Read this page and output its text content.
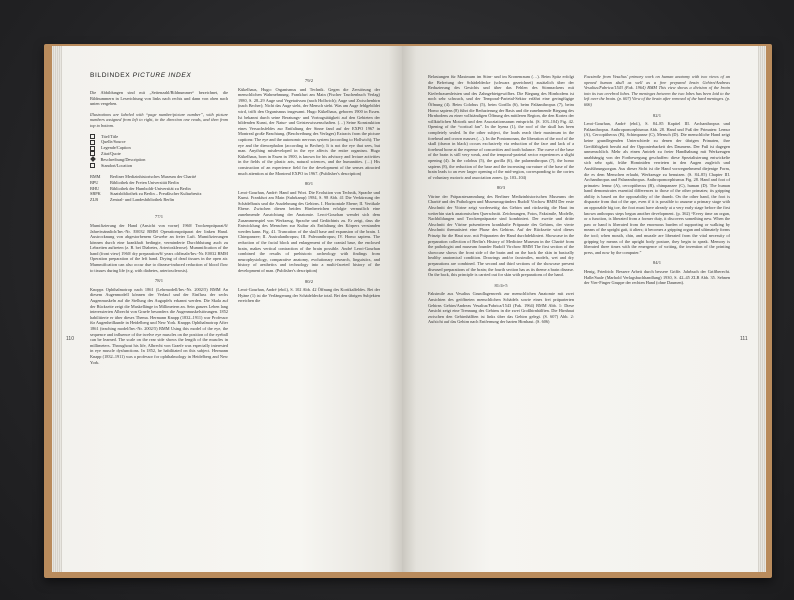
BILDINDEX PICTURE INDEX

Die Abbildungen sind mit „Seitenzahl/Bildnummer“ bezeichnet, die Bildnummern in Leserichtung von links nach rechts und dann von oben nach unten vergeben.

Illustrations are labeled with “page number/picture number”, with picture numbers assigned from left to right, in the direction one reads, and then from top to bottom.

Titel/Title
Quelle/Source
Legende/Caption
Zitat/Quote
Beschreibung/Description
Standort/Location
BMM	Berliner Medizinhistorisches Museum der Charité
BPU	Bibliothek der Freien Universität Berlin
BHU	Bibliothek der Humboldt-Universität zu Berlin
SBPK	Staatsbibliothek zu Berlin – Preußischer Kulturbesitz
ZLB	Zentral- und Landesbibliothek Berlin
77/1

Mumifizierung der Hand (Ansicht von vorne) 1960/ Trockenpräparat/6/ Jahre/männlich/Inv.-Nr. E0032 BMM Operationspräparat der linken Hand. Austrocknung von abgestorbenem Gewebe an freier Luft. Mumifizierungen können durch eine krankhaft bedingte, verminderte Durchblutung auch zu Lebzeiten auftreten (z. B. bei Diabetes, Arteriosklerose). Mummification of the hand (front view) 1960/ dry preparation/6/ years old/male/Inv.-Nr. E0032 BMM Operation preparation of the left hand. Drying of dead tissues in the open air. Mummification can also occur due to disease-induced reduction of blood flow to tissues during life (e.g. with diabetes, arteriosclerosis).

78/1

Knopps Ophthalmotrop nach 1861 (Lehrmodell/Inv.-Nr. 2002/5) BMM An diesem Augenmodell können der Verlauf und der Einfluss der sechs Augenmuskeln auf die Stellung des Augapfels erkannt werden. Die Skala auf der Rückseite zeigt die Muskellänge in Millimetern an. Sein ganzes Leben lang interessierten Albrecht von Graefe besonders die Augenmuskelstörungen. 1852 habilitierte er über dieses Thema. Hermann Knapp (1832–1911) war Professor für Augenheilkunde in Heidelberg und New York. Knapps Ophthalmotrop After 1861 (teaching model/Inv.-Nr. 2002/5) BMM Using this model of the eye, the sequence and influence of the twelve eye muscles on the position of the eyeball can be learned. The scale on the rear side shows the length of the muscles in millimeters. Throughout his life, Albrecht von Graefe was especially interested in eye muscle dysfunctions. In 1852, he habilitated on this subject. Hermann Knapp (1832–1911) was a professor for ophthalmology in Heidelberg and New York.

79/2

Kükelhaus, Hugo: Organismus und Technik. Gegen die Zerstörung der menschlichen Wahrnehmung. Frankfurt am Main (Fischer Taschenbuch Verlag) 1980, S. 28–29 Auge und Vegetativum (nach Hollwich); Auge und Zwischenhirn (nach Becher); Nicht das Auge sieht, der Mensch sieht. Was am Auge fehlgebildet wird, trifft den Organismus insgesamt. Hugo Kükelhaus, geboren 1900 in Essen. Ist bekannt durch seine Beratungs- und Vortragstätigkeit auf den Gebieten der bildenden Kunst, der Natur- und Geisteswissenschaften. (…) Seine Konstruktion eines Versuchsfeldes zur Entfaltung der Sinne fand auf der EXPO 1967 in Montreal große Beachtung. (Beschreibung des Verlages) Extracts from the picture captions: The eye and the autonomic nervous system (according to Hollwich); The eye and the diencephalon (according to Becher); It is not the eye that sees, but man. Anything misdeveloped in the eye affects the entire organism. Hugo Kükelhaus, born in Essen in 1900, is known for his advisory and lecture activities in the fields of the plastic arts, natural sciences, and the humanities. (…) His construction of an experience field for the development of the senses attracted much attention at the Montreal EXPO in 1967. (Publisher's description)

80/1

Leroi-Gourhan, André: Hand und Wort. Die Evolution von Technik, Sprache und Kunst. Frankfurt am Main (Suhrkamp) 1984, S. 98 Abb. 41 Die Verkürzung der Schädelbasis und die Ausdehnung des Gehirns. I. Horizontale Ebene; II. Vertikale Ebene. Zwischen diesen beiden Hirnbereichen erfolgte vermutlich eine zunehmende Ausrichtung der Anatomie. Leroi-Gourhan wendet sich dem Zusammenspiel von Werkzeug, Sprache und Gedächtnis zu. Er zeigt, dass die Entwicklung des Menschen zur Kultur als Entfaltung des Körpers verstanden werden kann. Fig. 41. Truncation of the skull base and expansion of the brain. I. Chimpanzee; II. Australanthropus; III. Paleoanthropus; IV. Homo sapiens. The reduction of the facial block and enlargement of the cranial base, the enclosed brain, makes vertical contraction of the brain possible. André Leroi-Gourhan combined the results of prehistoric archeology with findings from neurophysiology, comparative anatomy, evolutionary research, linguistics, and history of aesthetics and technology into a multi-faceted history of the development of man. (Publisher's description)

80/2

Leroi-Gourhan, André (ebd.), S. 102 Abb. 42 Öffnung des Kortikalfeldes. Bei der Hyäne (1) ist die Verlängerung der Schädeldecke total. Bei den übrigen Subjekten erreichen die

110

Belastungen für Maximum im Stirn- und im Kronenraum (…). Beim Spitz erfolgt die Befreiung der Schädeldecke (schwarz gezeichnet) zusätzlich über der Reduzierung des Gesichts und über das Fehlen des Stirnnackens mit Kieferbrauenleisten und des Zahngebietgewölbes. Die Biegung des Hirnbodens ist noch sehr schwach, und der Temporal-Parietal-Sektor erfährt eine geringfügige Öffnung (4). Beim Colobus (5), beim Gorilla (6), beim Paläanthropus (7), beim Homo sapiens (8) führt die Reduzierung der Basis und die zunehmende Biegung des Hirnbodens zu einer vollständigen Öffnung des mittleren Region, die den Kortex der willkürlichen Motorik und den Assoziationsraum entspricht. (S. 103–104) Fig. 42. Opening of the “cortical fan”. In the hyena (1), the roof of the skull has been completely sealed. In the other subject, the loads reach their maximum in the forehead and crown masses (…). In the Pontomonan, the liberation of the roof of the skull (drawn in black) occurs exclusively via reduction of the face and lack of a forehead bone at the expense of concavities and tooth balance. The curve of the base of the brain is still very weak, and the temporal-parietal sector experiences a slight opening (4). In the colobus (5), the gorilla (6), the palaeanthropus (7), the homo sapiens (8), the reduction of the base and the increasing curvature of the base of the brain leads to an ever larger opening of the mid-region, corresponding to the cortex of voluntary motoric and association zones. (p. 103–104)

80/3

Vitrine der Präparatesammlung des Berliner Medizinhistorischen Museums der Charité und des Pathologen und Museumsgründers Rudolf Virchow BMM Der erste Abschnitt der Vitrine zeigt vorderseitig das Gehirn und rückseitig die Haut im weiterhin stark anatomischen Querschnitt. Zeichnungen, Fotos, Faksimile, Modelle, Nachbildungen und Trockenpräparate sind kombiniert. Der zweite und dritte Abschnitt der Vitrine präsentieren krankhafte Präparate des Gehirns, der vierte Abschnitt thematisiert eine Phase des Gehirns. Auf der Rückseite wird dieses Prinzip für die Haut usw. mit Präparaten der Hand durchdekliniert. Showcase in the preparation collection of Berlin's History of Medicine Museum in the Charité from the pathologist and museum founder Rudolf Virchow BMM The first section of the showcase shows the front side of the brain and on the back the skin in basically healthy anatomical condition. Drawings and/or facsimiles, models, wet and dry preparations are combined. The second and third sections of the showcase present diseased preparations of the brain; the fourth section has as its theme a brain disease. On the back, this principle is carried out for skin with preparations of the hand.

81/4+5

Faksimile aus Vesalius Grundlagenwerk zur menschlichen Anatomie mit zwei Ansichten des geöffneten menschlichen Schädels sowie eines frei präparierten Gehirns Gehirn/Andreas Vesalius/Fabrica/1543 (Fak. 1964) BMM Abb. 1: Diese Ansicht zeigt eine Trennung des Gehirns in die zwei Großhirnhälften. Die Hirnhaut zwischen den Gehirnhälften ist links über das Gehirn gelegt. (S. 607) Abb. 2: Aufsicht auf das Gehirn nach Entfernung der harten Hirnhaut. (S. 606)

Facsimile from Vesalius' primary work on human anatomy with two views of an opened human skull as well as a free prepared brain Gehirn/Andreas Vesalius/Fabrica/1543 (Fak. 1964) BMM This view shows a division of the brain into its two cerebral lobes. The meninges between the two lobes has been laid to the left over the brain. (p. 607) View of the brain after removal of the hard meninges. (p. 606)

82/1

Leroi-Gourhan, André (ebd.), S. 84–85 Kapitel III. Archanthropus und Paläanthropus. Anthropomorphismus Abb. 28. Hand und Fuß der Primaten: Lemur (A), Cercopithecus (B), Schimpanse (C), Mensch (D). Die menschliche Hand zeigt keine grundlegenden Unterschiede zu denen der übrigen Primaten, ihre Greiffähigkeit beruht auf der Opponierbarkeit des Daumens. Der Fuß ist dagegen unmenschlich. Mehr als einen Antrieb zu freier Handhabung mit Werkzeugen unabhängig von der Fortbewegung geschaffen: diese Spezialisierung entwickelte sich sehr spät, frühe Hominiden verrieten in den Augen zugleich und Ausführungsorgan. Aus dieser Sicht ist die Hand vorwegnehmend diejenige Form, die es dem Menschen erlaubt, Werkzeuge zu benutzen. (S. 84–85) Chapter III. Archanthropus and Palaeanthropus. Anthropomorphismus Fig. 28. Hand and foot of primates: lemur (A), cercopithecus (B), chimpanzee (C), human (D). The human hand demonstrates essential differences to those of the other primates; its gripping ability is based on the opposability of the thumb. On the other hand, the foot is disparate from that of the ape, even if it is possible to assume a primary stage with an opposable big toe, the foot must have already at a very early stage before the first known anthropus steps begun another development. (p. 362) “Every time an organ, or a function, is liberated from a former duty, it discovers something new. When the paw or hand is liberated from the enormous burden of supporting or walking by means of the upright gait, it alters; it becomes a gripping organ and ultimately forms the tool; when mouth, chin, and muzzle are liberated from the vital necessity of gripping by means of the upright body posture, they begin to speak. Memory is liberated three times with the emergence of writing, the invention of the printing press, and now by the computer.”

84/1

Henig, Friedrich: Bessere Arbeit durch bessere Griffe. Jahrbuch der Griffberecht. Halle/Saale (Marhold Verlagsbuchhandlung) 1930, S. 42–45 ZLB Abb. 35. Sehnen der Vier-Finger Gruppe der rechten Hand (ohne Daumen).

111
